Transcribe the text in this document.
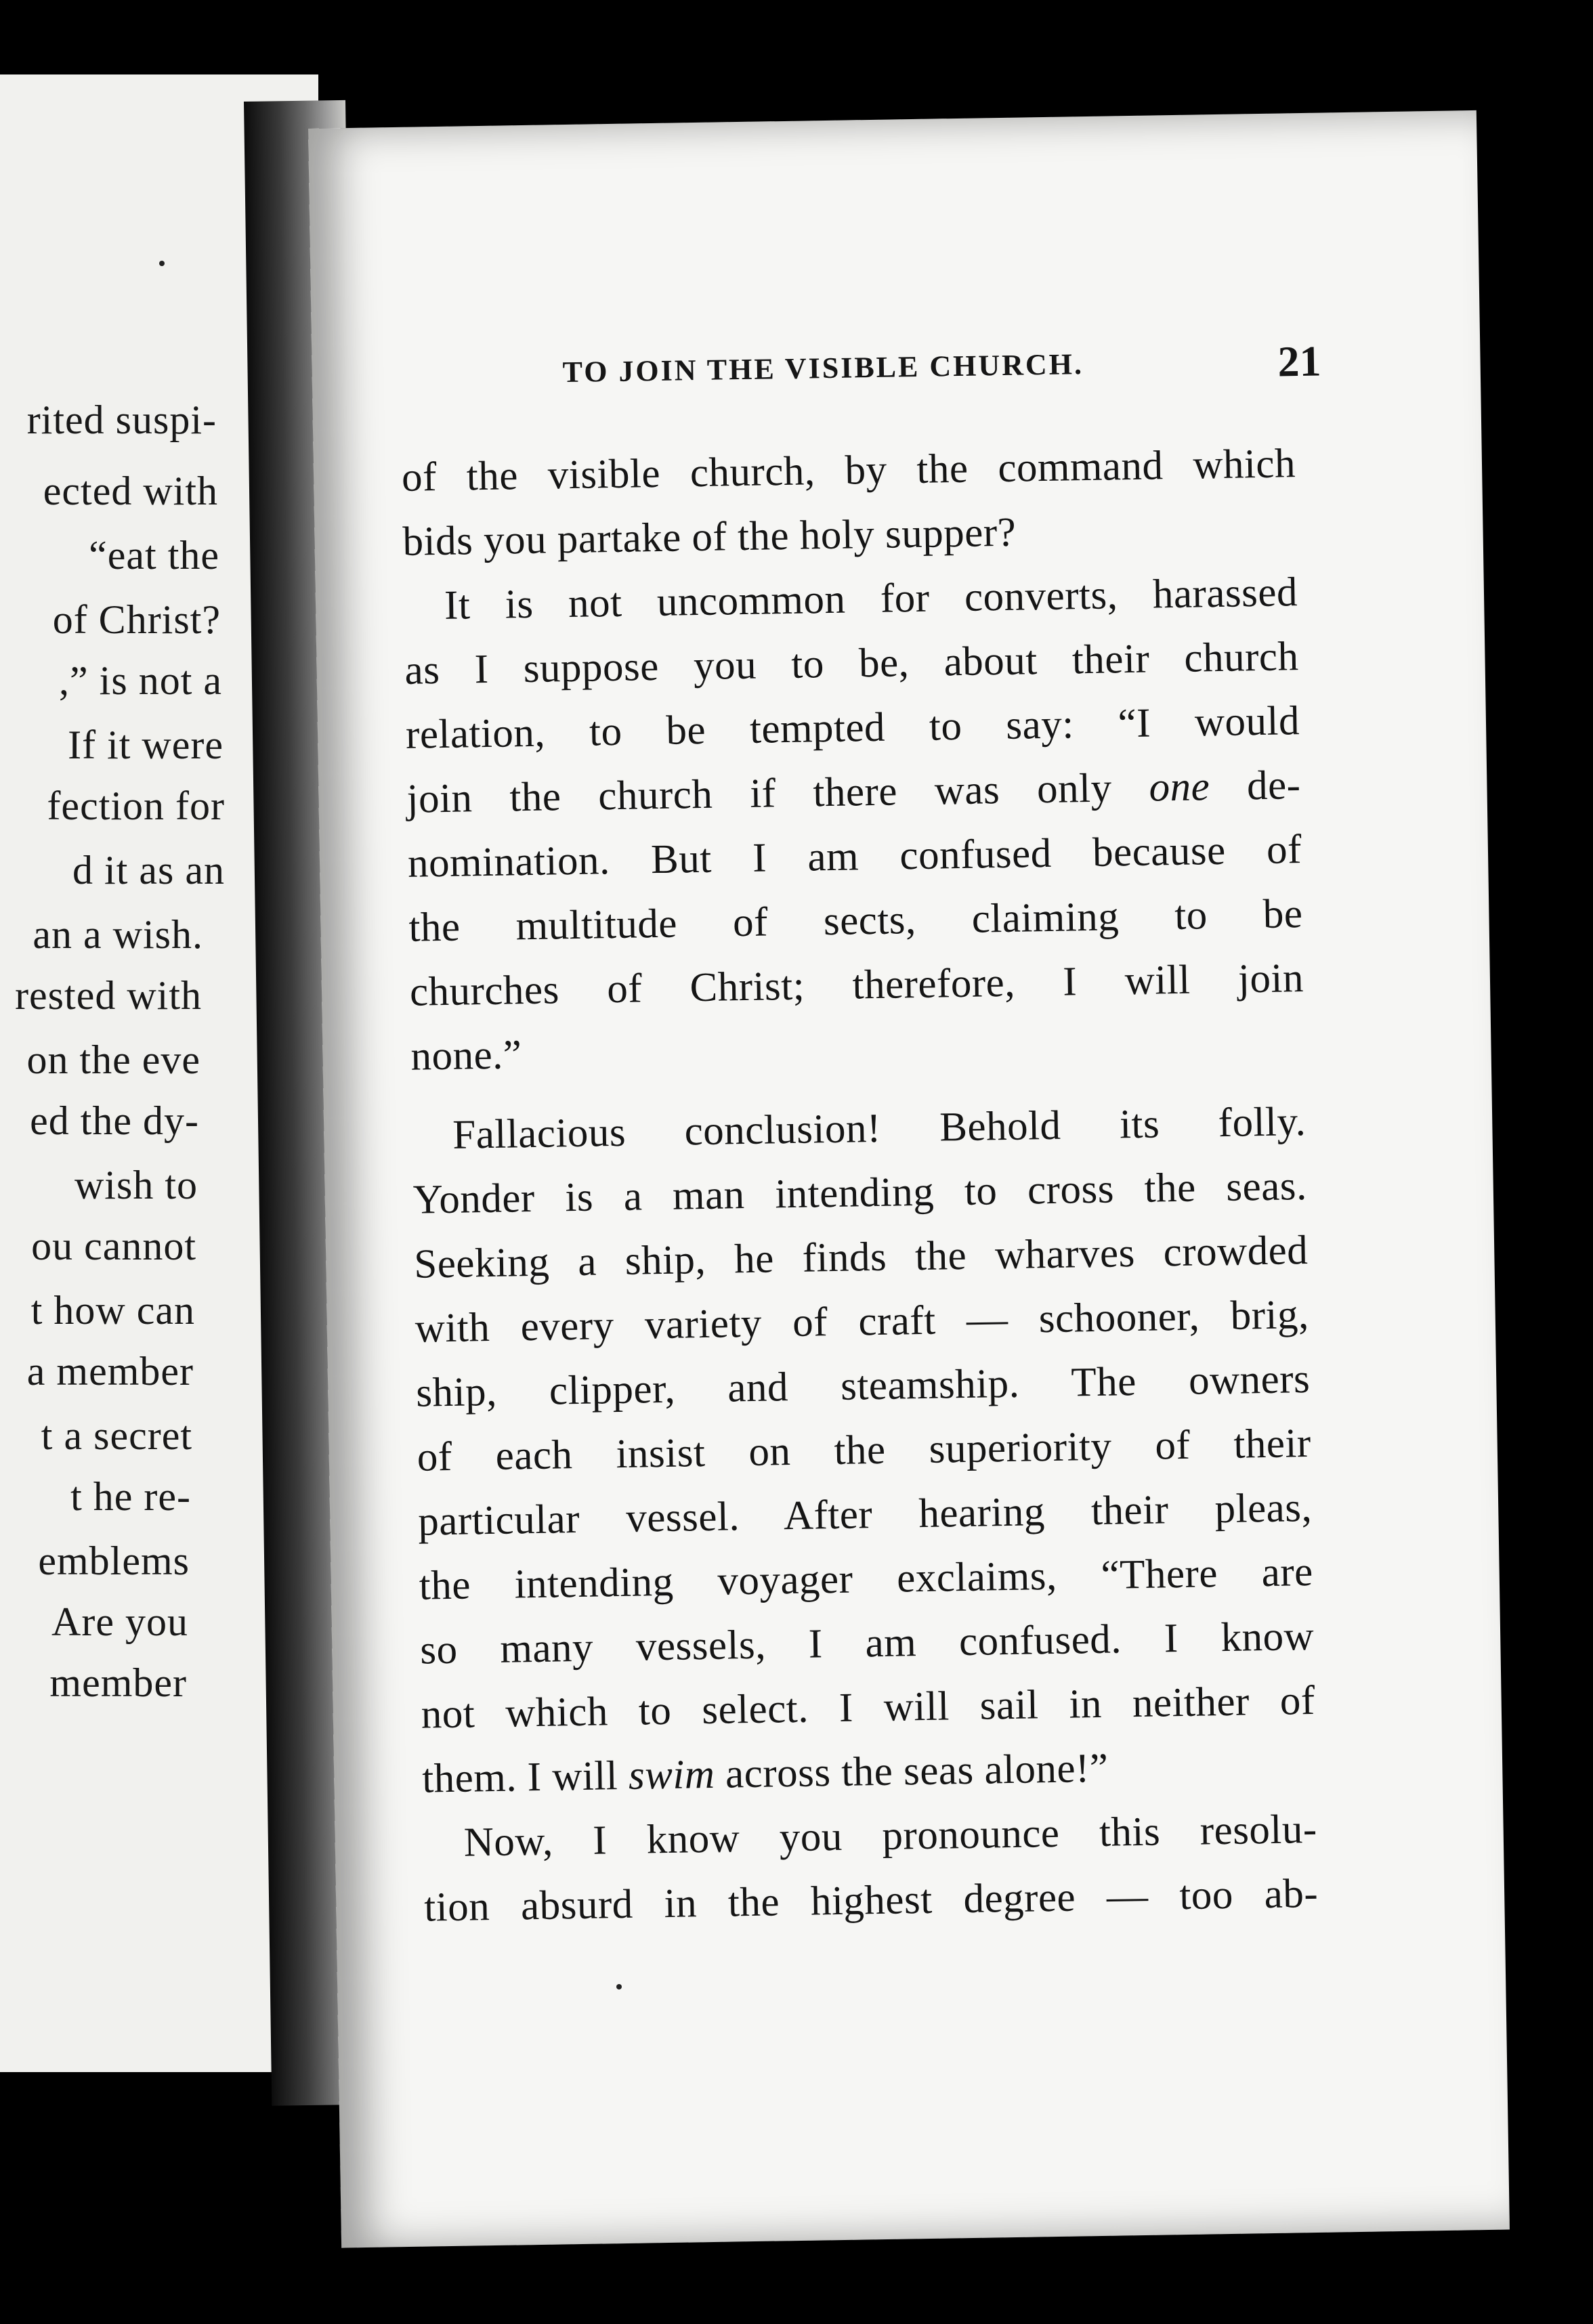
rited suspi-
ected with
“eat the
of Christ?
,” is not a
If it were
fection for
d it as an
an a wish.
rested with
on the eve
ed the dy-
wish to
ou cannot
t how can
a member
t a secret
t he re-
emblems
Are you
member
TO JOIN THE VISIBLE CHURCH.	21
of the visible church, by the command which
bids you partake of the holy supper?
It is not uncommon for converts, harassed
as I suppose you to be, about their church
relation, to be tempted to say: “I would
join the church if there was only one de-
nomination. But I am confused because of
the multitude of sects, claiming to be
churches of Christ; therefore, I will join
none.”
Fallacious conclusion! Behold its folly.
Yonder is a man intending to cross the seas.
Seeking a ship, he finds the wharves crowded
with every variety of craft — schooner, brig,
ship, clipper, and steamship. The owners
of each insist on the superiority of their
particular vessel. After hearing their pleas,
the intending voyager exclaims, “There are
so many vessels, I am confused. I know
not which to select. I will sail in neither of
them. I will swim across the seas alone!”
Now, I know you pronounce this resolu-
tion absurd in the highest degree — too ab-
